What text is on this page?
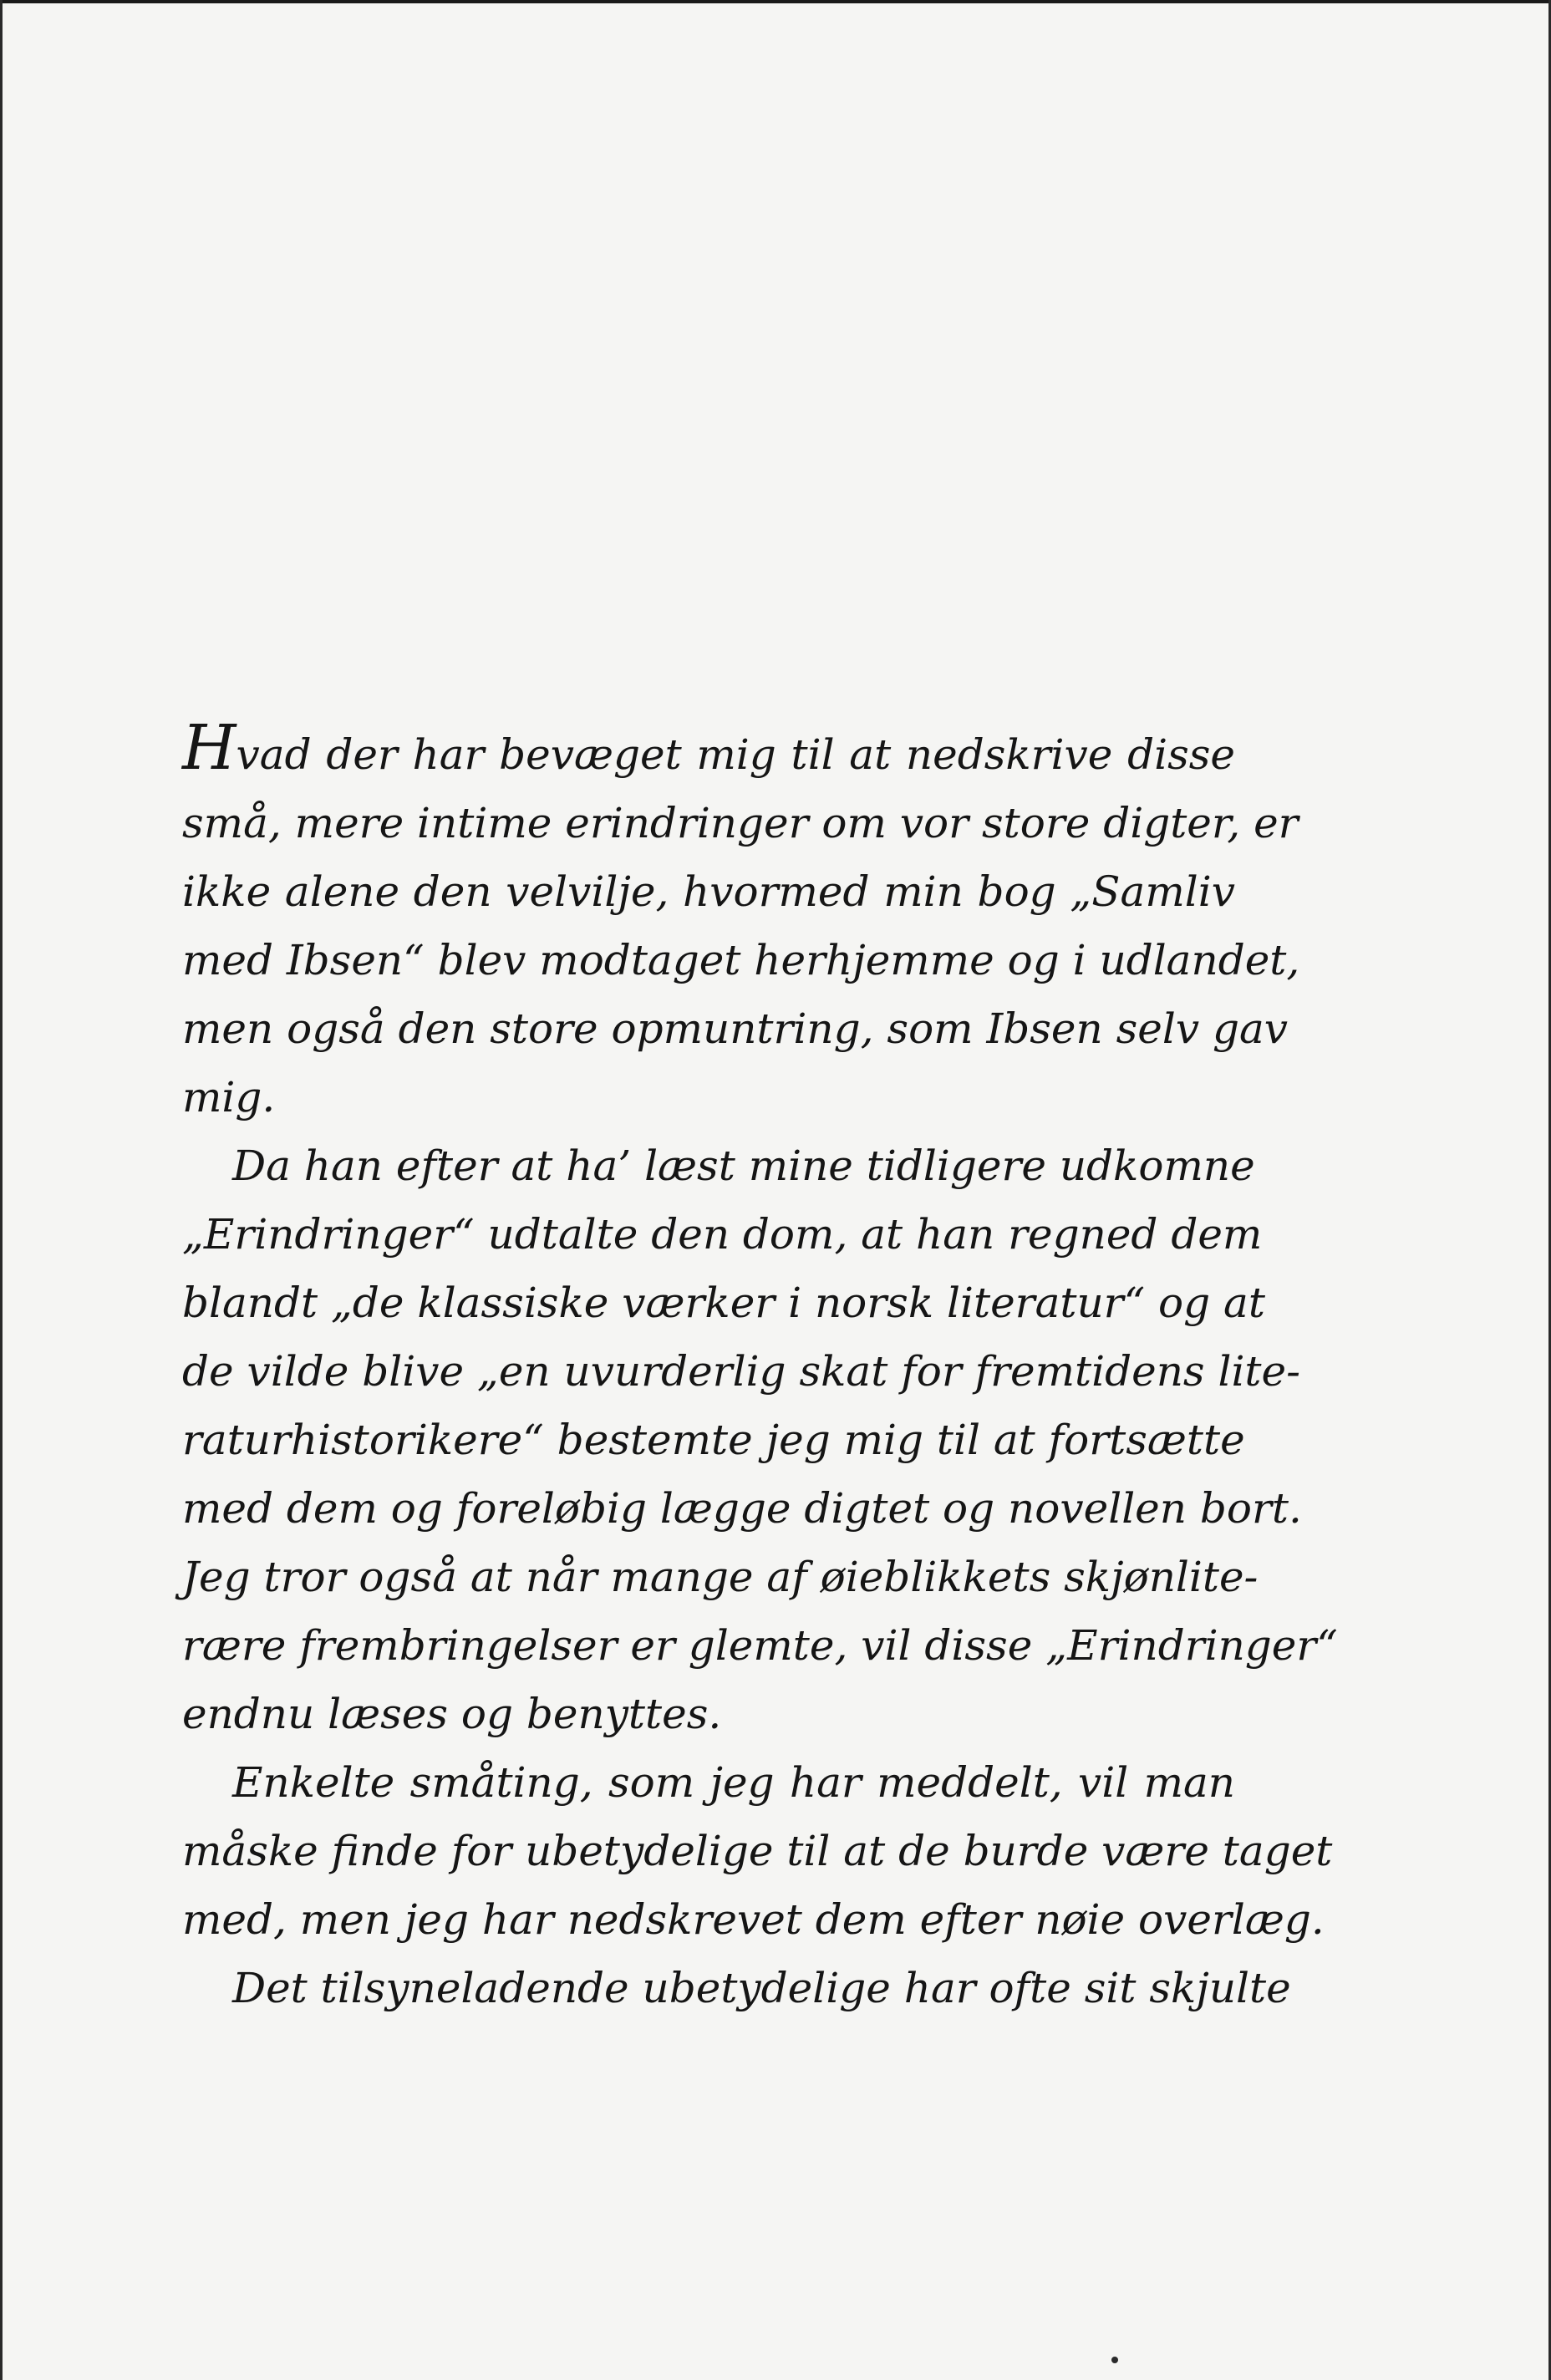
Hvad der har bevæget mig til at nedskrive disse
små, mere intime erindringer om vor store digter, er
ikke alene den velvilje, hvormed min bog „Samliv
med Ibsen“ blev modtaget herhjemme og i udlandet,
men også den store opmuntring, som Ibsen selv gav
mig.
Da han efter at ha’ læst mine tidligere udkomne
„Erindringer“ udtalte den dom, at han regned dem
blandt „de klassiske værker i norsk literatur“ og at
de vilde blive „en uvurderlig skat for fremtidens lite-
raturhistorikere“ bestemte jeg mig til at fortsætte
med dem og foreløbig lægge digtet og novellen bort.
Jeg tror også at når mange af øieblikkets skjønlite-
rære frembringelser er glemte, vil disse „Erindringer“
endnu læses og benyttes.
Enkelte småting, som jeg har meddelt, vil man
måske finde for ubetydelige til at de burde være taget
med, men jeg har nedskrevet dem efter nøie overlæg.
Det tilsyneladende ubetydelige har ofte sit skjulte
